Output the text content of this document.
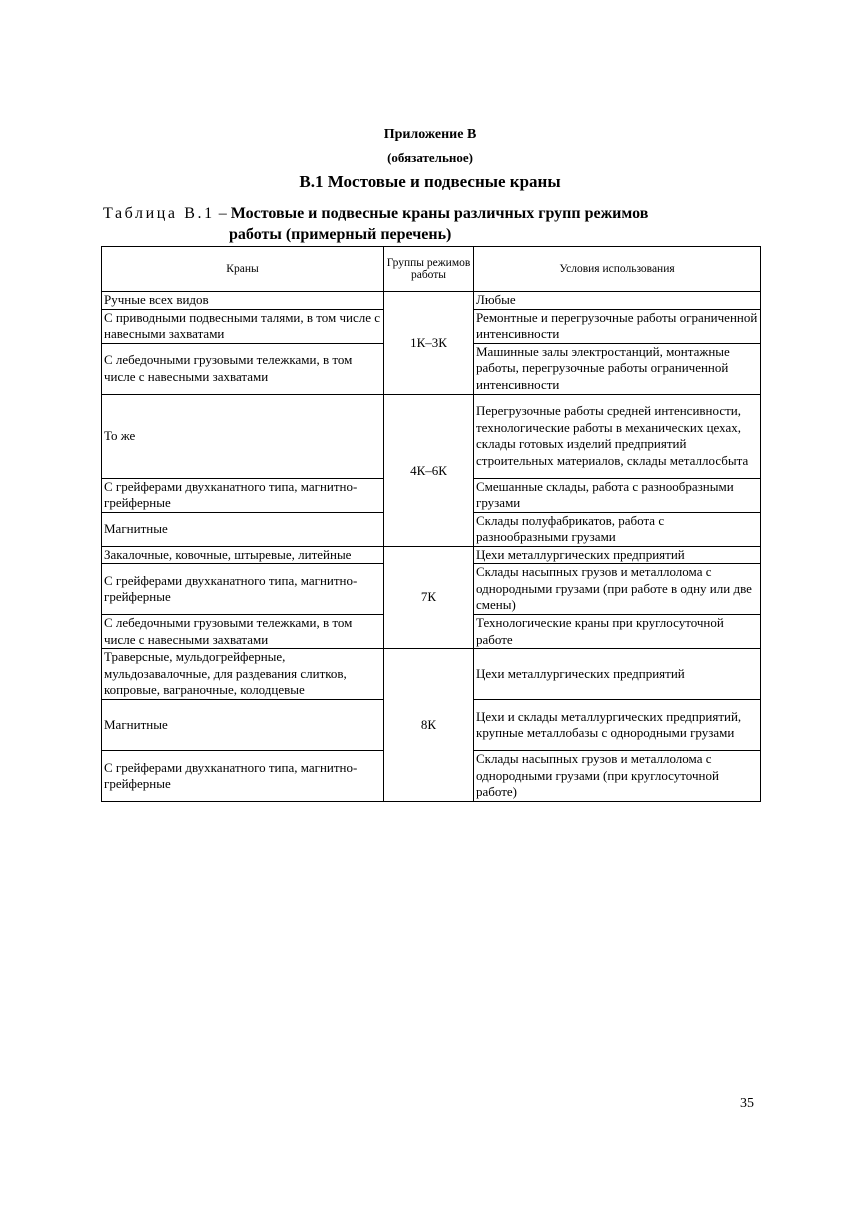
Приложение В
(обязательное)
В.1 Мостовые и подвесные краны
Таблица В.1 – Мостовые и подвесные краны различных групп режимов
работы (примерный перечень)
Краны	Группы режимов работы	Условия использования
Ручные всех видов	1К–3К	Любые
С приводными подвесными талями, в том числе с навесными захватами		Ремонтные и перегрузочные работы ограниченной интенсивности
С лебедочными грузовыми тележками, в том числе с навесными захватами		Машинные залы электростанций, монтажные работы, перегрузочные работы ограниченной интенсивности
То же	4К–6К	Перегрузочные работы средней интенсивности, технологические работы в механических цехах, склады готовых изделий предприятий строительных материалов, склады металлосбыта
С грейферами двухканатного типа, магнитно-грейферные		Смешанные склады, работа с разнообразными грузами
Магнитные		Склады полуфабрикатов, работа с разнообразными грузами
Закалочные, ковочные, штыревые, литейные	7К	Цехи металлургических предприятий
С грейферами двухканатного типа, магнитно-грейферные		Склады насыпных грузов и металлолома с однородными грузами (при работе в одну или две смены)
С лебедочными грузовыми тележками, в том числе с навесными захватами		Технологические краны при круглосуточной работе
Траверсные, мульдогрейферные, мульдозавалочные, для раздевания слитков, копровые, ваграночные, колодцевые	8К	Цехи металлургических предприятий
Магнитные		Цехи и склады металлургических предприятий, крупные металлобазы с однородными грузами
С грейферами двухканатного типа, магнитно-грейферные		Склады насыпных грузов и металлолома с однородными грузами (при круглосуточной работе)
35
